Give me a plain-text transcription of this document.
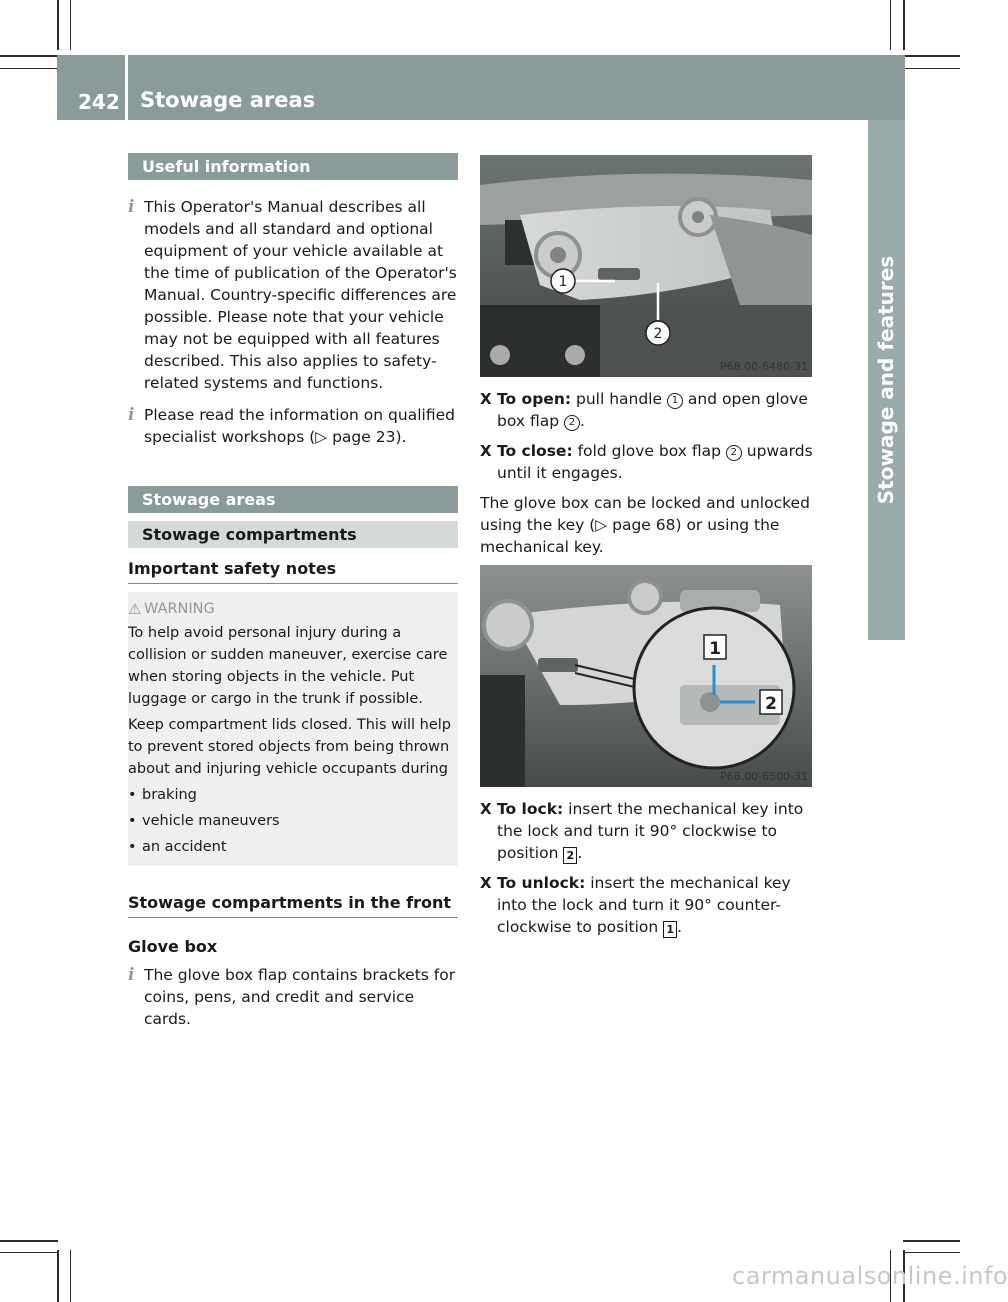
242 Stowage areas
Stowage and features
Useful information
i This Operator's Manual describes all models and all standard and optional equipment of your vehicle available at the time of publication of the Operator's Manual. Country-specific differences are possible. Please note that your vehicle may not be equipped with all features described. This also applies to safety-related systems and functions.
i Please read the information on qualified specialist workshops (▷ page 23).
Stowage areas
Stowage compartments
Important safety notes
⚠ WARNING
To help avoid personal injury during a collision or sudden maneuver, exercise care when storing objects in the vehicle. Put luggage or cargo in the trunk if possible.
Keep compartment lids closed. This will help to prevent stored objects from being thrown about and injuring vehicle occupants during
• braking
• vehicle maneuvers
• an accident
Stowage compartments in the front
Glove box
i The glove box flap contains brackets for coins, pens, and credit and service cards.
1
2
P68.00-6480-31
1
2
P68.00-6500-31
X To open: pull handle 1 and open glove box flap 2 .
X To close: fold glove box flap 2 upwards until it engages.
The glove box can be locked and unlocked using the key (▷ page 68) or using the mechanical key.
X To lock: insert the mechanical key into the lock and turn it 90° clockwise to position 2 .
X To unlock: insert the mechanical key into the lock and turn it 90° counter-clockwise to position 1 .
carmanualsonline.info
